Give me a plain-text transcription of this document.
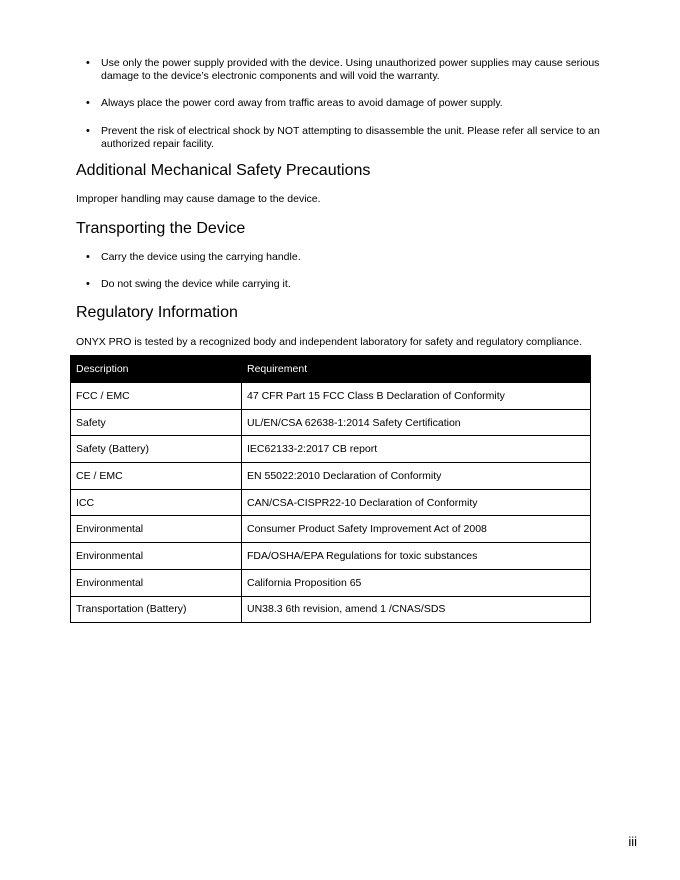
• Use only the power supply provided with the device. Using unauthorized power supplies may cause serious damage to the device’s electronic components and will void the warranty.
• Always place the power cord away from traffic areas to avoid damage of power supply.
• Prevent the risk of electrical shock by NOT attempting to disassemble the unit. Please refer all service to an authorized repair facility.
Additional Mechanical Safety Precautions

Improper handling may cause damage to the device.

Transporting the Device
• Carry the device using the carrying handle.
• Do not swing the device while carrying it.
Regulatory Information

ONYX PRO is tested by a recognized body and independent laboratory for safety and regulatory compliance.

Description	Requirement
FCC / EMC	47 CFR Part 15 FCC Class B Declaration of Conformity
Safety	UL/EN/CSA 62638-1:2014 Safety Certification
Safety (Battery)	IEC62133-2:2017 CB report
CE / EMC	EN 55022:2010 Declaration of Conformity
ICC	CAN/CSA-CISPR22-10 Declaration of Conformity
Environmental	Consumer Product Safety Improvement Act of 2008
Environmental	FDA/OSHA/EPA Regulations for toxic substances
Environmental	California Proposition 65
Transportation (Battery)	UN38.3 6th revision, amend 1 /CNAS/SDS
iii
